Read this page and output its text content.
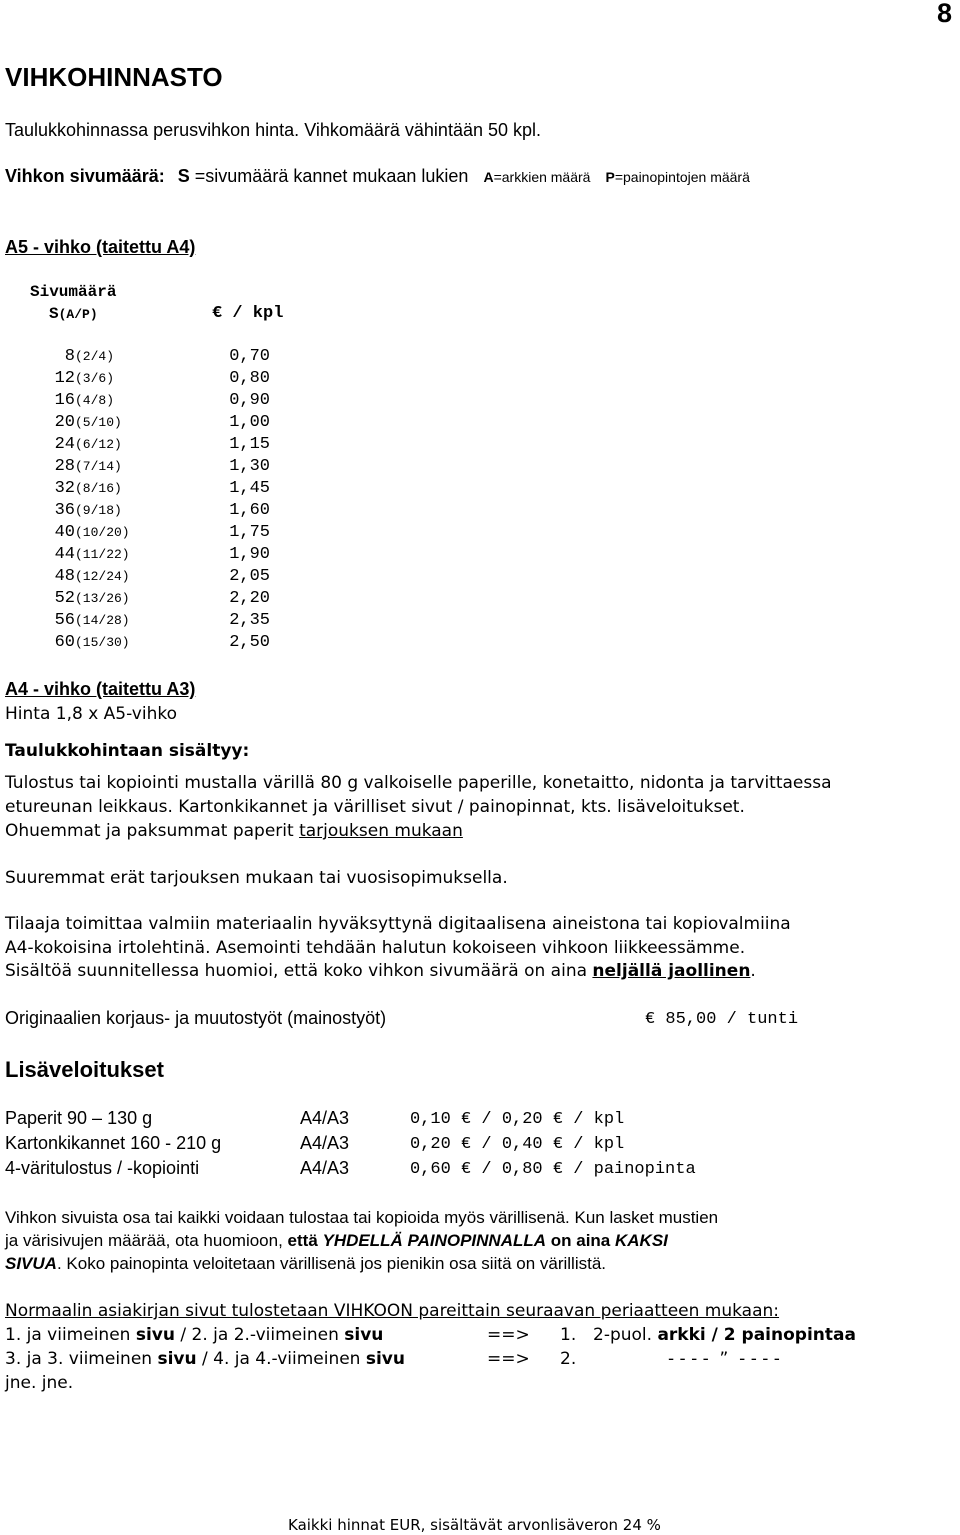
8
VIHKOHINNASTO
Taulukkohinnassa perusvihkon hinta. Vihkomäärä vähintään 50 kpl.
Vihkon sivumäärä: S =sivumäärä kannet mukaan lukien A=arkkien määrä P=painopintojen määrä
A5 - vihko (taitettu A4)
Sivumäärä
S(A/P)	€ / kpl
8(2/4)	0,70
12(3/6)	0,80
16(4/8)	0,90
20(5/10)	1,00
24(6/12)	1,15
28(7/14)	1,30
32(8/16)	1,45
36(9/18)	1,60
40(10/20)	1,75
44(11/22)	1,90
48(12/24)	2,05
52(13/26)	2,20
56(14/28)	2,35
60(15/30)	2,50
A4 - vihko (taitettu A3)
Hinta 1,8 x A5-vihko
Taulukkohintaan sisältyy:
Tulostus tai kopiointi mustalla värillä 80 g valkoiselle paperille, konetaitto, nidonta ja tarvittaessa
etureunan leikkaus. Kartonkikannet ja värilliset sivut / painopinnat, kts. lisäveloitukset.
Ohuemmat ja paksummat paperit tarjouksen mukaan
Suuremmat erät tarjouksen mukaan tai vuosisopimuksella.
Tilaaja toimittaa valmiin materiaalin hyväksyttynä digitaalisena aineistona tai kopiovalmiina
A4-kokoisina irtolehtinä. Asemointi tehdään halutun kokoiseen vihkoon liikkeessämme.
Sisältöä suunnitellessa huomioi, että koko vihkon sivumäärä on aina neljällä jaollinen.
Originaalien korjaus- ja muutostyöt (mainostyöt)	€ 85,00 / tunti
Lisäveloitukset
Paperit 90 – 130 g	A4/A3	0,10 € / 0,20 € / kpl
Kartonkikannet 160 - 210 g	A4/A3	0,20 € / 0,40 € / kpl
4-väritulostus / -kopiointi	A4/A3	0,60 € / 0,80 € / painopinta
Vihkon sivuista osa tai kaikki voidaan tulostaa tai kopioida myös värillisenä. Kun lasket mustien
ja värisivujen määrää, ota huomioon, että YHDELLÄ PAINOPINNALLA on aina KAKSI
SIVUA. Koko painopinta veloitetaan värillisenä jos pienikin osa siitä on värillistä.
Normaalin asiakirjan sivut tulostetaan VIHKOON pareittain seuraavan periaatteen mukaan:
1. ja viimeinen sivu / 2. ja 2.-viimeinen sivu	==> 1. 2-puol. arkki / 2 painopintaa
3. ja 3. viimeinen sivu / 4. ja 4.-viimeinen sivu	==> 2.	- - - -  ”  - - - -
jne. jne.
Kaikki hinnat EUR, sisältävät arvonlisäveron 24 %
